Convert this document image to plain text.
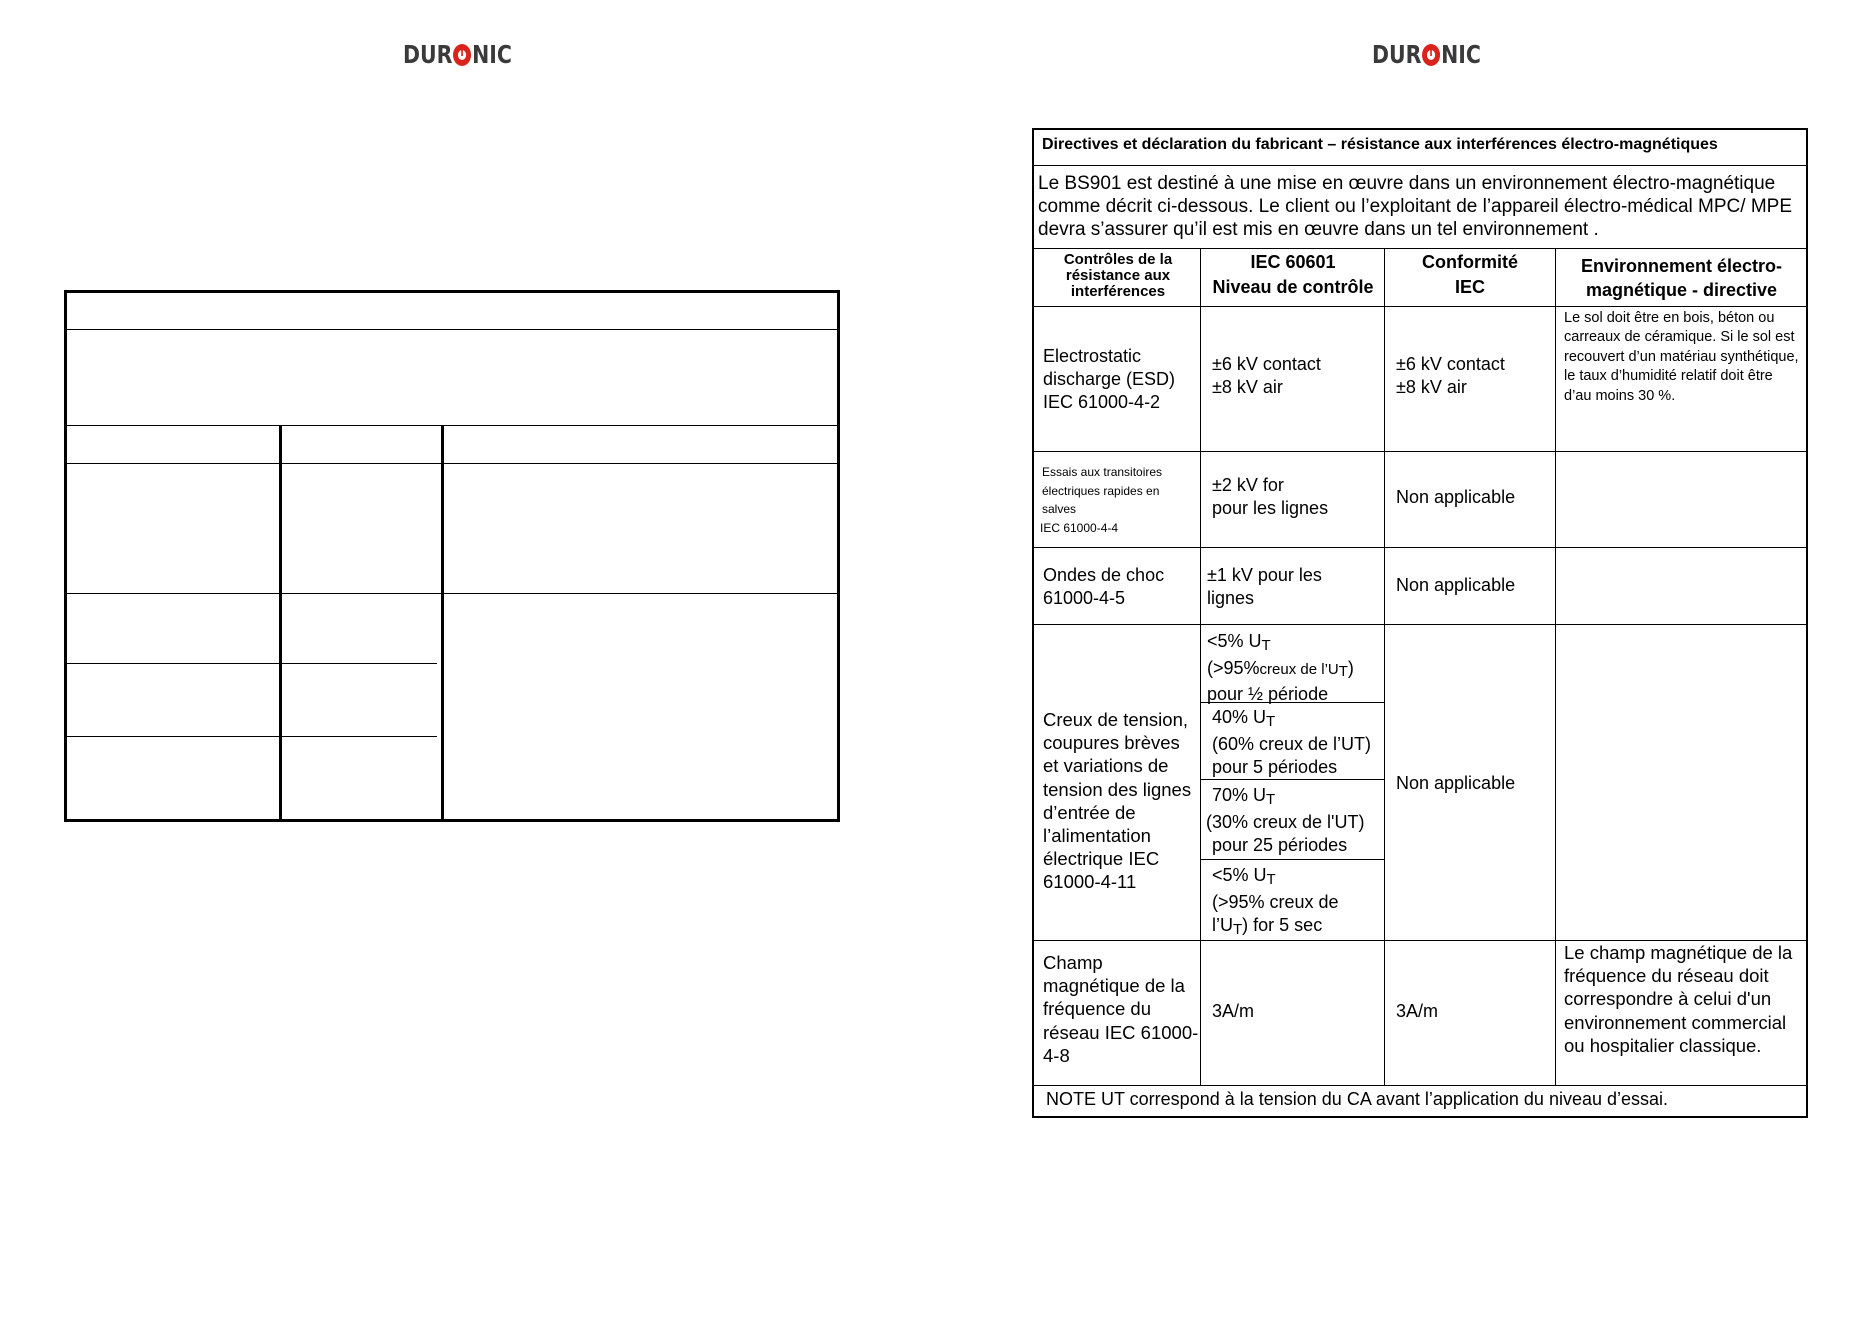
DUR NIC	DUR NIC
Directives et déclaration du fabricant – résistance aux interférences électro-magnétiques
Le BS901 est destiné à une mise en œuvre dans un environnement électro-magnétique comme décrit ci-dessous. Le client ou l’exploitant de l’appareil électro-médical MPC/ MPE devra s’assurer qu’il est mis en œuvre dans un tel environnement .
Contrôles de la résistance aux interférences
IEC 60601
Niveau de contrôle
Conformité
IEC
Environnement électro-magnétique - directive
Electrostatic discharge (ESD) IEC 61000-4-2
±6 kV contact
±8 kV air
±6 kV contact
±8 kV air
Le sol doit être en bois, béton ou carreaux de céramique. Si le sol est recouvert d’un matériau synthétique, le taux d’humidité relatif doit être d’au moins 30 %.
Essais aux transitoires
électriques rapides en
salves
IEC 61000-4-4
±2 kV for
pour les lignes
Non applicable
Ondes de choc
61000-4-5
±1 kV pour les
lignes
Non applicable
Creux de tension, coupures brèves et variations de tension des lignes d’entrée de l’alimentation électrique IEC 61000-4-11
<5% $U_T$
(>95%creux de l’UT)
pour ½ période
40% UT
(60% creux de l’UT)
pour 5 périodes
70% UT
(30% creux de l'UT)
pour 25 périodes
<5% UT
(>95% creux de
l’UT) for 5 sec
Non applicable
Champ magnétique de la fréquence du réseau IEC 61000-4-8
3A/m	3A/m
Le champ magnétique de la fréquence du réseau doit correspondre à celui d'un environnement commercial ou hospitalier classique.
NOTE UT correspond à la tension du CA avant l’application du niveau d’essai.
